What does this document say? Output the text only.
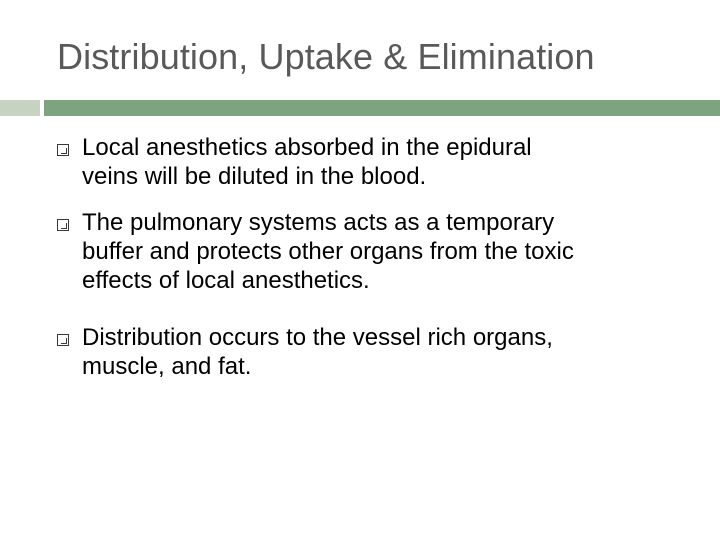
Distribution, Uptake & Elimination
Local anesthetics absorbed in the epidural
veins will be diluted in the blood.
The pulmonary systems acts as a temporary
buffer and protects other organs from the toxic
effects of local anesthetics.
Distribution occurs to the vessel rich organs,
muscle, and fat.
